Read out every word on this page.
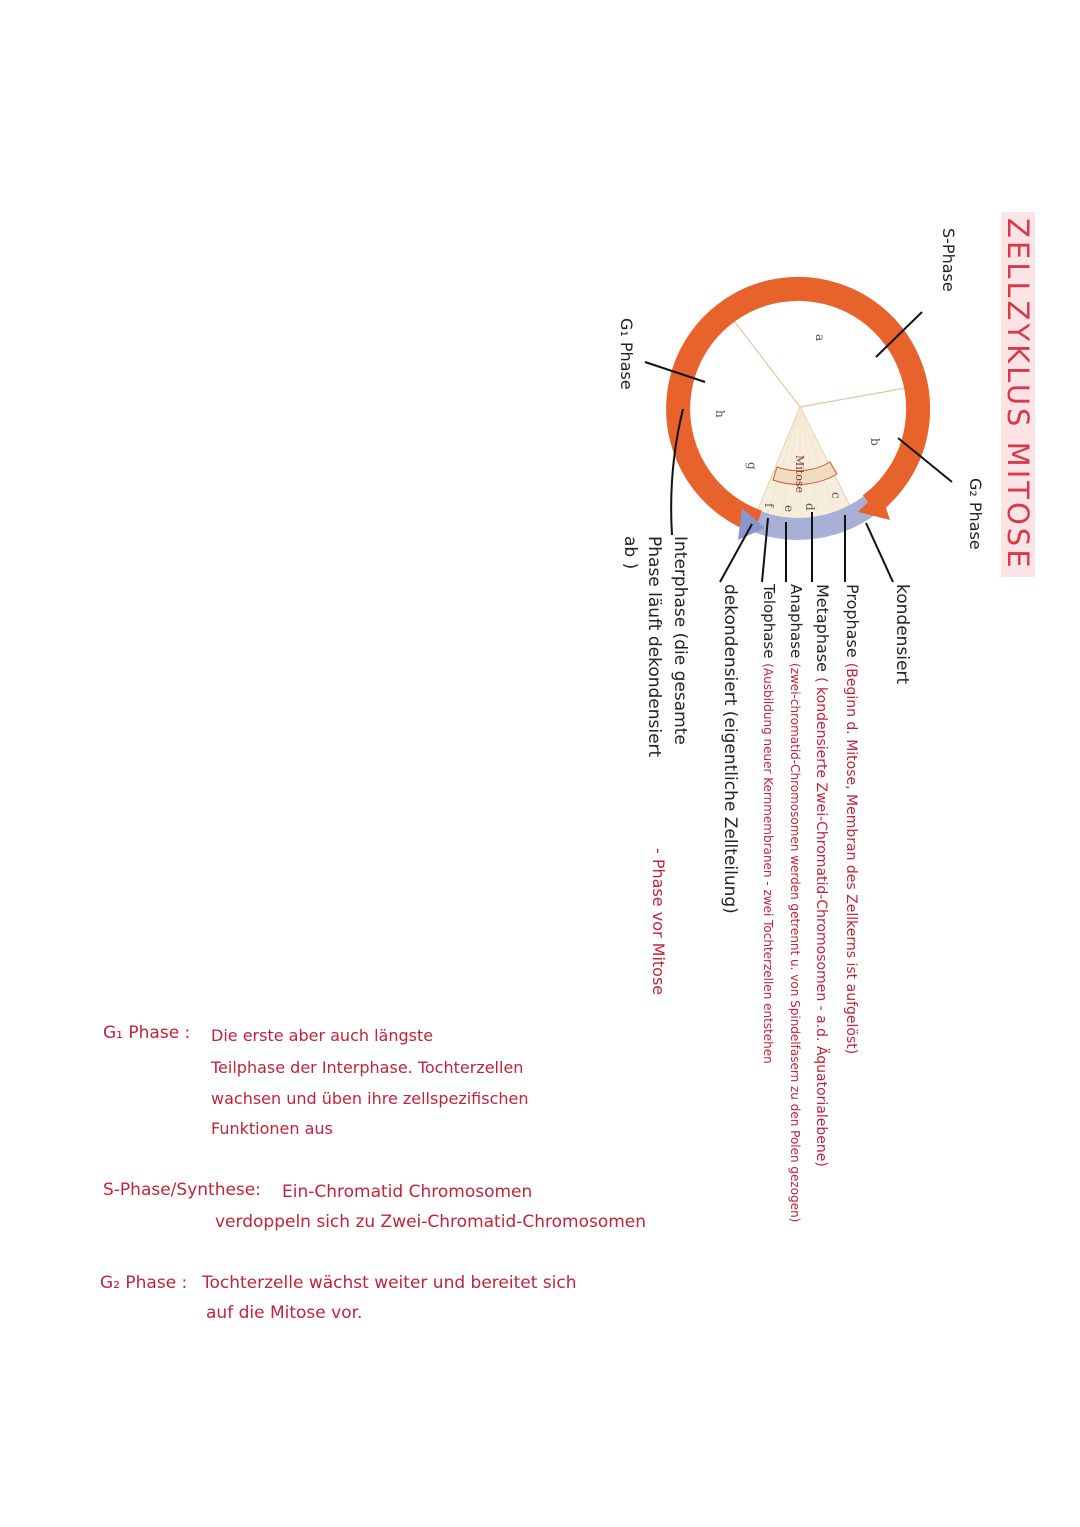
ZELLZYKLUS MITOSE
a
b
c
d
e
f
g
h
Mitose
S-Phase
G₂ Phase
G₁ Phase
kondensiert
Prophase (Beginn d. Mitose, Membran des Zellkerns ist aufgelöst)
Metaphase ( kondensierte Zwei-Chromatid-Chromosomen - a.d. Äquatorialebene)
Anaphase (zwei-chromatid-Chromosomen werden getrennt u. von Spindelfasern zu den Polen gezogen)
Telophase (Ausbildung neuer Kernmembranen - zwei Tochterzellen entstehen
dekondensiert (eigentliche Zellteilung)
Interphase (die gesamte
Phase läuft dekondensiert
ab )
- Phase vor Mitose
G₁ Phase : Die erste aber auch längste
Teilphase der Interphase. Tochterzellen
wachsen und üben ihre zellspezifischen
Funktionen aus
S-Phase/Synthese: Ein-Chromatid Chromosomen
verdoppeln sich zu Zwei-Chromatid-Chromosomen
G₂ Phase : Tochterzelle wächst weiter und bereitet sich
auf die Mitose vor.
